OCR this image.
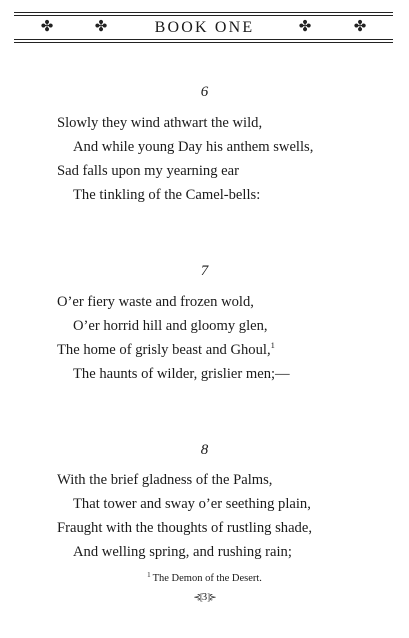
✤	✤	BOOK ONE	✤	✤
6
Slowly they wind athwart the wild,
And while young Day his anthem swells,
Sad falls upon my yearning ear
The tinkling of the Camel-bells:
7
O’er fiery waste and frozen wold,
O’er horrid hill and gloomy glen,
The home of grisly beast and Ghoul,$^1$
The haunts of wilder, grislier men;—
8
With the brief gladness of the Palms,
That tower and sway o’er seething plain,
Fraught with the thoughts of rustling shade,
And welling spring, and rushing rain;
$^1$ The Demon of the Desert.
⊰[3]⊱
